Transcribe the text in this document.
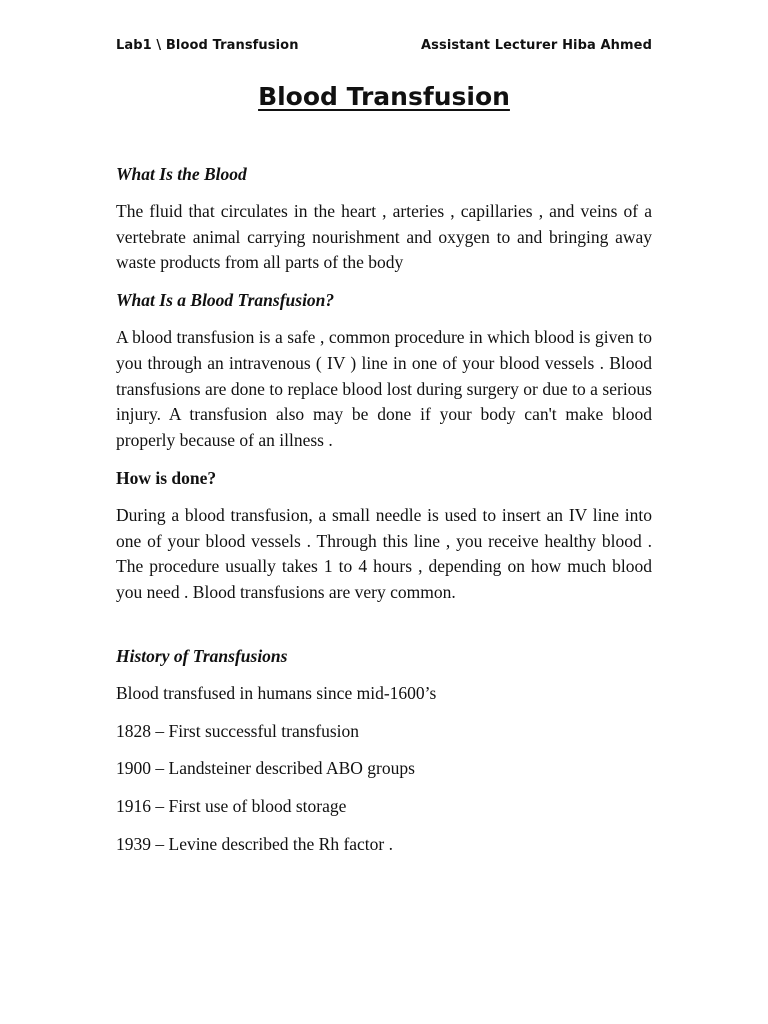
Lab1 \ Blood Transfusion	Assistant Lecturer Hiba Ahmed
Blood Transfusion
What Is the Blood

The fluid that circulates in the heart , arteries , capillaries , and veins of a vertebrate animal carrying nourishment and oxygen to and bringing away waste products from all parts of the body

What Is a Blood Transfusion?

A blood transfusion is a safe , common procedure in which blood is given to you through an intravenous ( IV ) line in one of your blood vessels . Blood transfusions are done to replace blood lost during surgery or due to a serious injury. A transfusion also may be done if your body can't make blood properly because of an illness .

How is done?

During a blood transfusion, a small needle is used to insert an IV line into one of your blood vessels . Through this line , you receive healthy blood . The procedure usually takes 1 to 4 hours , depending on how much blood you need . Blood transfusions are very common.

History of Transfusions
Blood transfused in humans since mid-1600’s
1828 – First successful transfusion
1900 – Landsteiner described ABO groups
1916 – First use of blood storage
1939 – Levine described the Rh factor .
